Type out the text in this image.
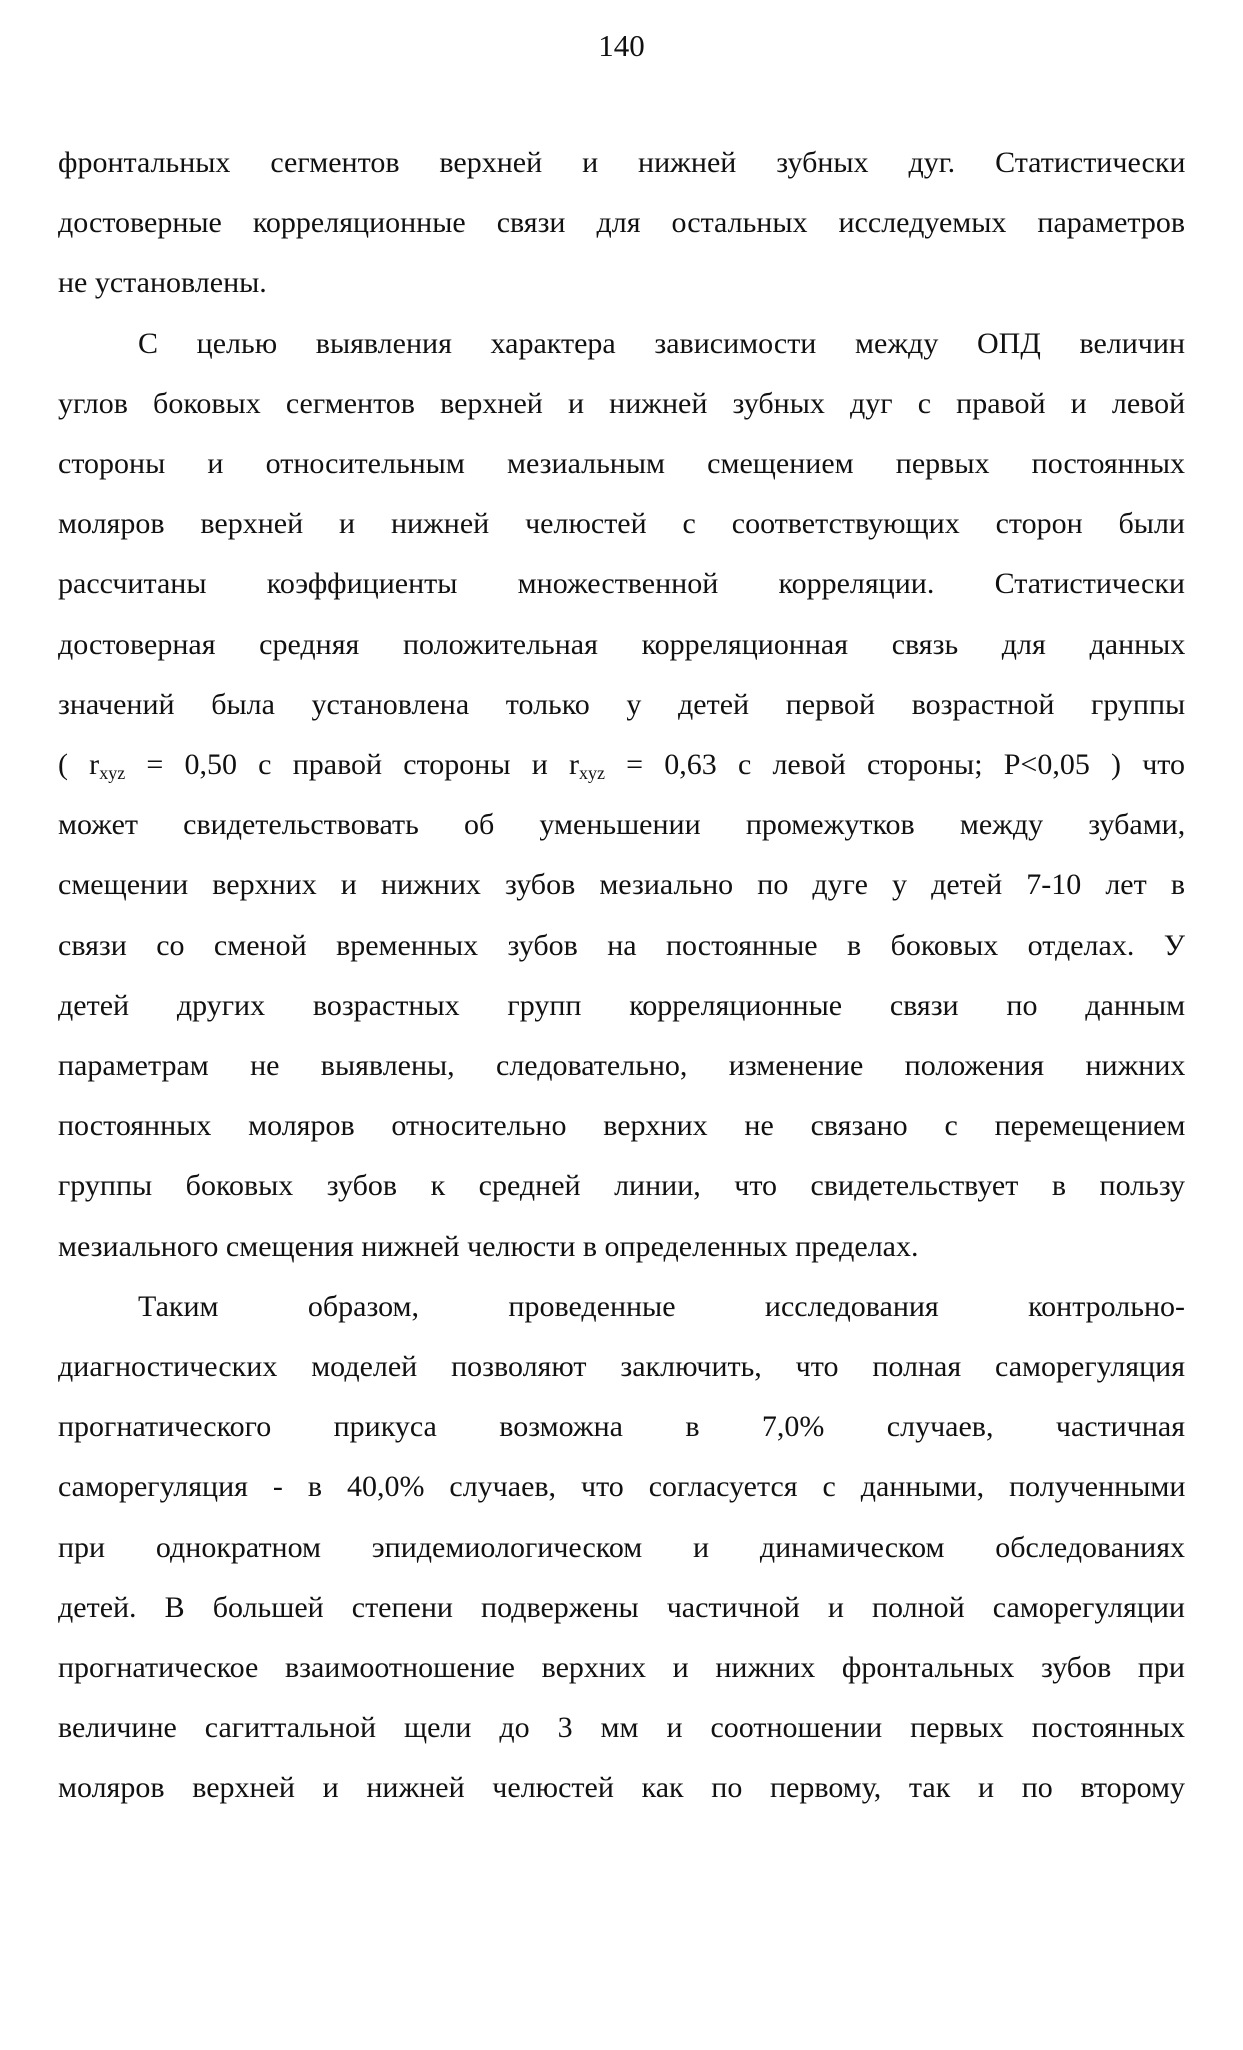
140

фронтальных сегментов верхней и нижней зубных дуг. Статистически
достоверные корреляционные связи для остальных исследуемых параметров
не установлены.

С целью выявления характера зависимости между ОПД величин
углов боковых сегментов верхней и нижней зубных дуг с правой и левой
стороны и относительным мезиальным смещением первых постоянных
моляров верхней и нижней челюстей с соответствующих сторон были
рассчитаны коэффициенты множественной корреляции. Статистически
достоверная средняя положительная корреляционная связь для данных
значений была установлена только у детей первой возрастной группы
( $r_{xyz} = 0,50$ с правой стороны и $r_{xyz} = 0,63$ с левой стороны; P<0,05 ) что
может свидетельствовать об уменьшении промежутков между зубами,
смещении верхних и нижних зубов мезиально по дуге у детей 7-10 лет в
связи со сменой временных зубов на постоянные в боковых отделах. У
детей других возрастных групп корреляционные связи по данным
параметрам не выявлены, следовательно, изменение положения нижних
постоянных моляров относительно верхних не связано с перемещением
группы боковых зубов к средней линии, что свидетельствует в пользу
мезиального смещения нижней челюсти в определенных пределах.

Таким образом, проведенные исследования контрольно-
диагностических моделей позволяют заключить, что полная саморегуляция
прогнатического прикуса возможна в 7,0% случаев, частичная
саморегуляция - в 40,0% случаев, что согласуется с данными, полученными
при однократном эпидемиологическом и динамическом обследованиях
детей. В большей степени подвержены частичной и полной саморегуляции
прогнатическое взаимоотношение верхних и нижних фронтальных зубов при
величине сагиттальной щели до 3 мм и соотношении первых постоянных
моляров верхней и нижней челюстей как по первому, так и по второму
